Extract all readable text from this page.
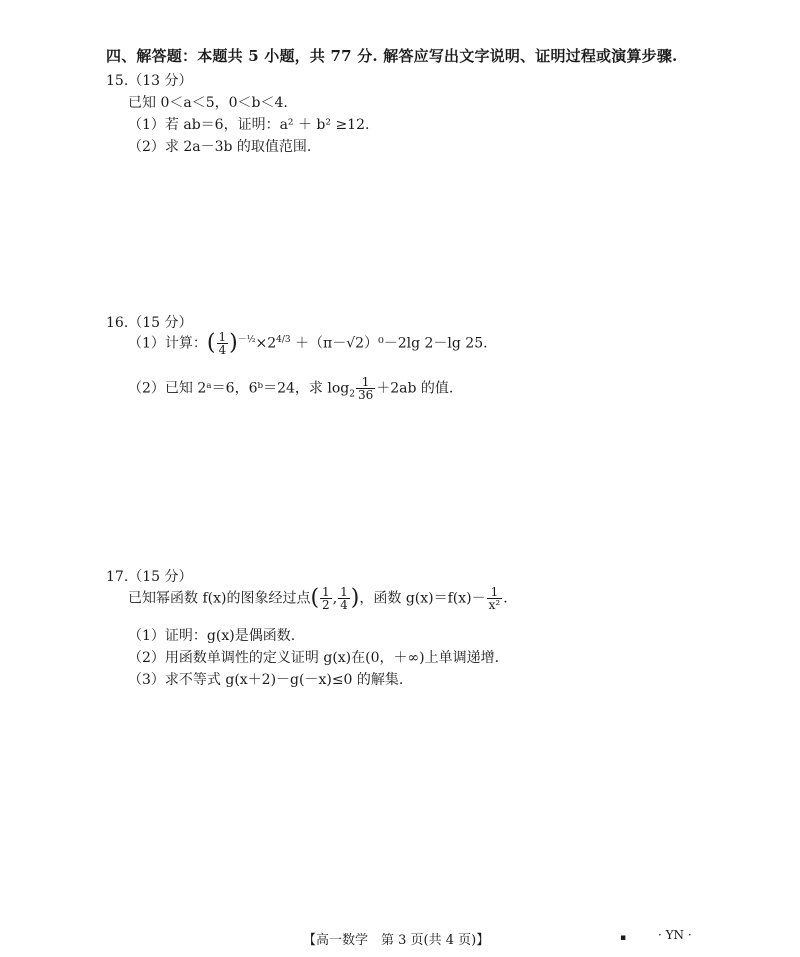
四、解答题：本题共 5 小题，共 77 分. 解答应写出文字说明、证明过程或演算步骤.
15.（13 分）
已知 0＜a＜5，0＜b＜4.
（1）若 ab＝6，证明：a² ＋ b² ≥12.
（2）求 2a－3b 的取值范围.
16.（15 分）
（1）计算：( $\frac{1}{4} )^{-\frac{1}{2}}\times 2^{4/3} +(\pi-√2)^0-2\lg$ 2－lg 25.
（2）已知 2ᵃ＝6，6ᵇ＝24，求 $\log_2 \frac{1}{36} +2ab$ 的值.
17.（15 分）
已知幂函数 f(x)的图象经过点( $\frac{1}{2}$ , $\frac{1}{4}$ )，函数 $g(x)=f(x)- \frac{1}{\text{x²}}$ .
（1）证明：g(x)是偶函数.
（2）用函数单调性的定义证明 g(x)在(0，＋∞)上单调递增.
（3）求不等式 g(x＋2)－g(－x)≤0 的解集.
【高一数学　第 3 页(共 4 页)】	▪	· YN ·
